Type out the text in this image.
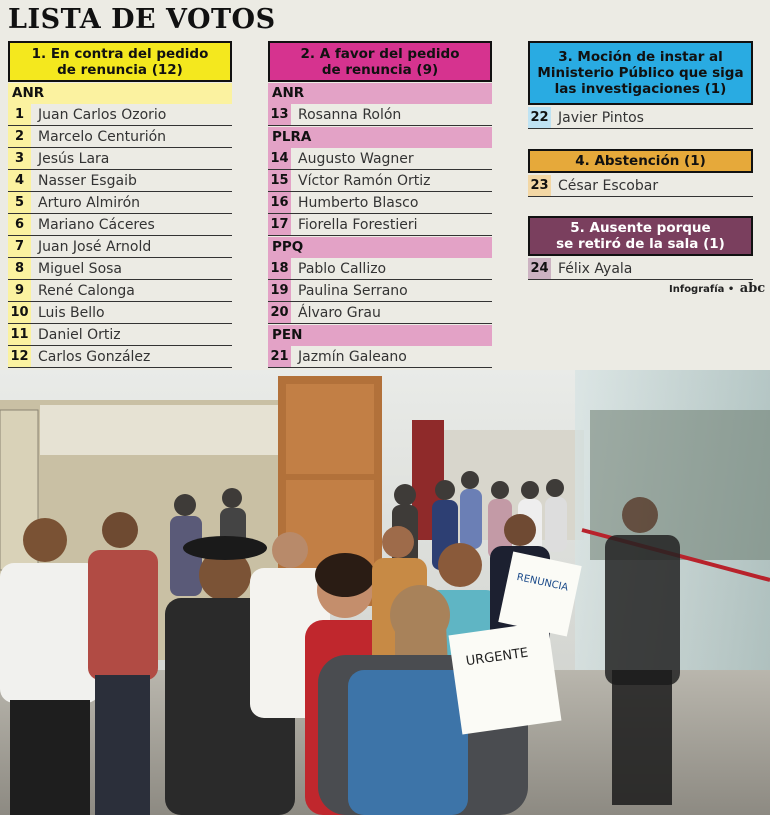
LISTA DE VOTOS
1. En contra del pedido
de renuncia (12)
ANR
1 Juan Carlos Ozorio
2 Marcelo Centurión
3 Jesús Lara
4 Nasser Esgaib
5 Arturo Almirón
6 Mariano Cáceres
7 Juan José Arnold
8 Miguel Sosa
9 René Calonga
10 Luis Bello
11 Daniel Ortiz
12 Carlos González
2. A favor del pedido
de renuncia (9)
ANR
13 Rosanna Rolón
PLRA
14 Augusto Wagner
15 Víctor Ramón Ortiz
16 Humberto Blasco
17 Fiorella Forestieri
PPQ
18 Pablo Callizo
19 Paulina Serrano
20 Álvaro Grau
PEN
21 Jazmín Galeano
3. Moción de instar al
Ministerio Público que siga
las investigaciones (1)
22 Javier Pintos
4. Abstención (1)
23 César Escobar
5. Ausente porque
se retiró de la sala (1)
24 Félix Ayala
Infografía • abc
RENUNCIA
URGENTE
